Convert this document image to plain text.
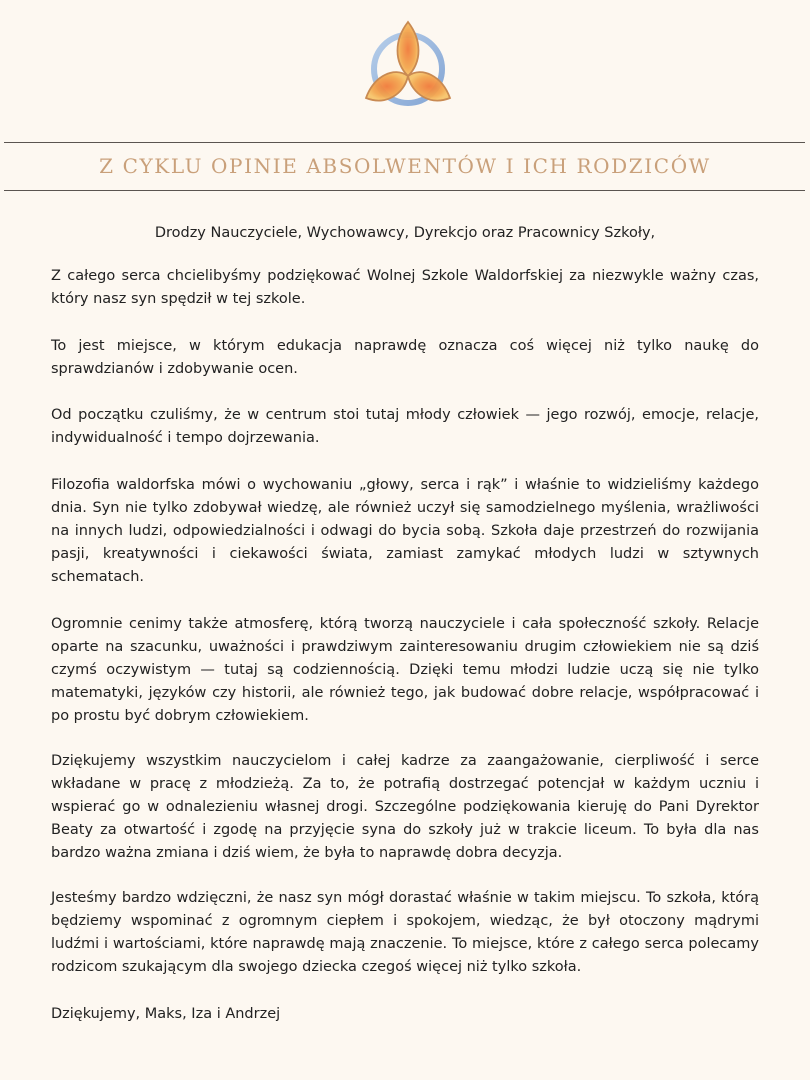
Z CYKLU OPINIE ABSOLWENTÓW I ICH RODZICÓW
Drodzy Nauczyciele, Wychowawcy, Dyrekcjo oraz Pracownicy Szkoły,

Z całego serca chcielibyśmy podziękować Wolnej Szkole Waldorfskiej za niezwykle ważny czas, który nasz syn spędził w tej szkole.

To jest miejsce, w którym edukacja naprawdę oznacza coś więcej niż tylko naukę do sprawdzianów i zdobywanie ocen.

Od początku czuliśmy, że w centrum stoi tutaj młody człowiek — jego rozwój, emocje, relacje, indywidualność i tempo dojrzewania.

Filozofia waldorfska mówi o wychowaniu „głowy, serca i rąk” i właśnie to widzieliśmy każdego dnia. Syn nie tylko zdobywał wiedzę, ale również uczył się samodzielnego myślenia, wrażliwości na innych ludzi, odpowiedzialności i odwagi do bycia sobą. Szkoła daje przestrzeń do rozwijania pasji, kreatywności i ciekawości świata, zamiast zamykać młodych ludzi w sztywnych schematach.

Ogromnie cenimy także atmosferę, którą tworzą nauczyciele i cała społeczność szkoły. Relacje oparte na szacunku, uważności i prawdziwym zainteresowaniu drugim człowiekiem nie są dziś czymś oczywistym — tutaj są codziennością. Dzięki temu młodzi ludzie uczą się nie tylko matematyki, języków czy historii, ale również tego, jak budować dobre relacje, współpracować i po prostu być dobrym człowiekiem.

Dziękujemy wszystkim nauczycielom i całej kadrze za zaangażowanie, cierpliwość i serce wkładane w pracę z młodzieżą. Za to, że potrafią dostrzegać potencjał w każdym uczniu i wspierać go w odnalezieniu własnej drogi. Szczególne podziękowania kieruję do Pani Dyrektor Beaty za otwartość i zgodę na przyjęcie syna do szkoły już w trakcie liceum. To była dla nas bardzo ważna zmiana i dziś wiem, że była to naprawdę dobra decyzja.

Jesteśmy bardzo wdzięczni, że nasz syn mógł dorastać właśnie w takim miejscu. To szkoła, którą będziemy wspominać z ogromnym ciepłem i spokojem, wiedząc, że był otoczony mądrymi ludźmi i wartościami, które naprawdę mają znaczenie. To miejsce, które z całego serca polecamy rodzicom szukającym dla swojego dziecka czegoś więcej niż tylko szkoła.

Dziękujemy, Maks, Iza i Andrzej
